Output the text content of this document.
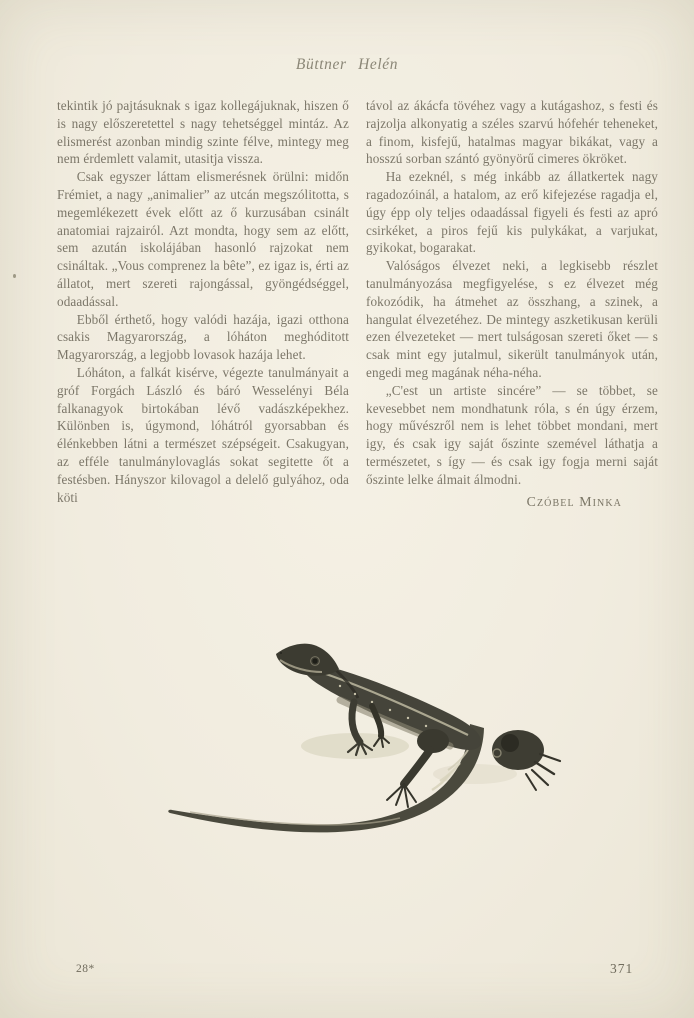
Büttner Helén

tekintik jó pajtásuknak s igaz kollegájuknak, hiszen ő is nagy előszeretettel s nagy tehetséggel mintáz. Az elismerést azonban mindig szinte félve, mintegy meg nem érdemlett valamit, utasitja vissza.

Csak egyszer láttam elismerésnek örülni: midőn Frémiet, a nagy „animalier” az utcán megszólitotta, s megemlékezett évek előtt az ő kurzusában csinált anatomiai rajzairól. Azt mondta, hogy sem az előtt, sem azután iskolájában hasonló rajzokat nem csináltak. „Vous comprenez la bête”, ez igaz is, érti az állatot, mert szereti rajongással, gyöngédséggel, odaadással.

Ebből érthető, hogy valódi hazája, igazi otthona csakis Magyarország, a lóháton meghóditott Magyarország, a legjobb lovasok hazája lehet.

Lóháton, a falkát kisérve, végezte tanulmányait a gróf Forgách László és báró Wesselényi Béla falkanagyok birtokában lévő vadászképekhez. Különben is, úgymond, lóhátról gyorsabban és élénkebben látni a természet szépségeit. Csakugyan, az efféle tanulmánylovaglás sokat segitette őt a festésben. Hányszor kilovagol a delelő gulyához, oda köti

távol az ákácfa tövéhez vagy a kutágashoz, s festi és rajzolja alkonyatig a széles szarvú hófehér teheneket, a finom, kisfejű, hatalmas magyar bikákat, vagy a hosszú sorban szántó gyönyörű cimeres ökröket.

Ha ezeknél, s még inkább az állatkertek nagy ragadozóinál, a hatalom, az erő kifejezése ragadja el, úgy épp oly teljes odaadással figyeli és festi az apró csirkéket, a piros fejű kis pulykákat, a varjukat, gyikokat, bogarakat.

Valóságos élvezet neki, a legkisebb részlet tanulmányozása megfigyelése, s ez élvezet még fokozódik, ha átmehet az összhang, a szinek, a hangulat élvezetéhez. De mintegy aszketikusan kerüli ezen élvezeteket — mert tulságosan szereti őket — s csak mint egy jutalmul, sikerült tanulmányok után, engedi meg magának néha-néha.

„C'est un artiste sincére” — se többet, se kevesebbet nem mondhatunk róla, s én úgy érzem, hogy művészről nem is lehet többet mondani, mert igy, és csak igy saját őszinte szemével láthatja a természetet, s így — és csak igy fogja merni saját őszinte lelke álmait álmodni.

Czóbel Minka
28*	371
